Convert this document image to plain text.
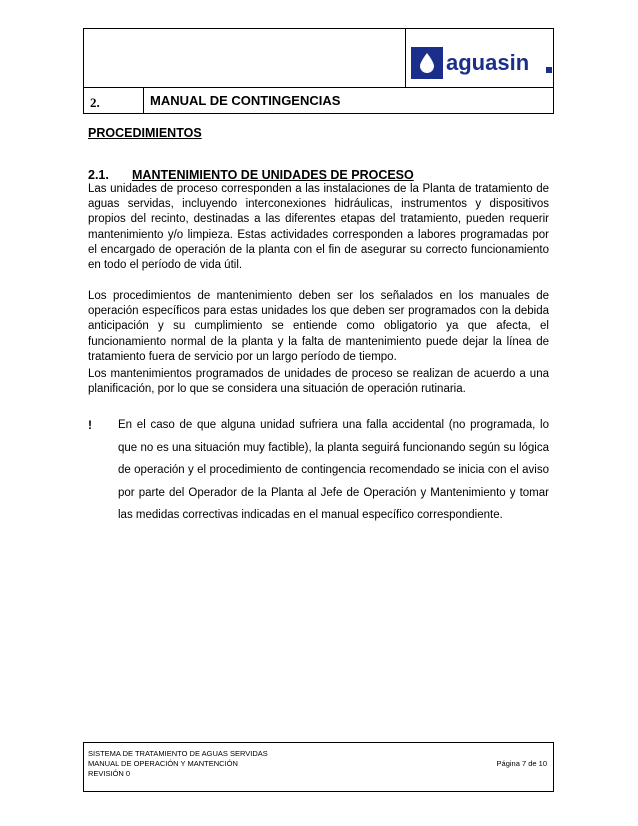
aguasin
2.	MANUAL DE CONTINGENCIAS
PROCEDIMIENTOS
2.1. MANTENIMIENTO DE UNIDADES DE PROCESO

Las unidades de proceso corresponden a las instalaciones de la Planta de tratamiento de aguas servidas, incluyendo interconexiones hidráulicas, instrumentos y dispositivos propios del recinto, destinadas a las diferentes etapas del tratamiento, pueden requerir mantenimiento y/o limpieza. Estas actividades corresponden a labores programadas por el encargado de operación de la planta con el fin de asegurar su correcto funcionamiento en todo el período de vida útil.

Los procedimientos de mantenimiento deben ser los señalados en los manuales de operación específicos para estas unidades los que deben ser programados con la debida anticipación y su cumplimiento se entiende como obligatorio ya que afecta, el funcionamiento normal de la planta y la falta de mantenimiento puede dejar la línea de tratamiento fuera de servicio por un largo período de tiempo.

Los mantenimientos programados de unidades de proceso se realizan de acuerdo a una planificación, por lo que se considera una situación de operación rutinaria.

! En el caso de que alguna unidad sufriera una falla accidental (no programada, lo que no es una situación muy factible), la planta seguirá funcionando según su lógica de operación y el procedimiento de contingencia recomendado se inicia con el aviso por parte del Operador de la Planta al Jefe de Operación y Mantenimiento y tomar las medidas correctivas indicadas en el manual específico correspondiente.

SISTEMA DE TRATAMIENTO DE AGUAS SERVIDAS
MANUAL DE OPERACIÓN Y MANTENCIÓN
REVISIÓN 0
Página 7 de 10
